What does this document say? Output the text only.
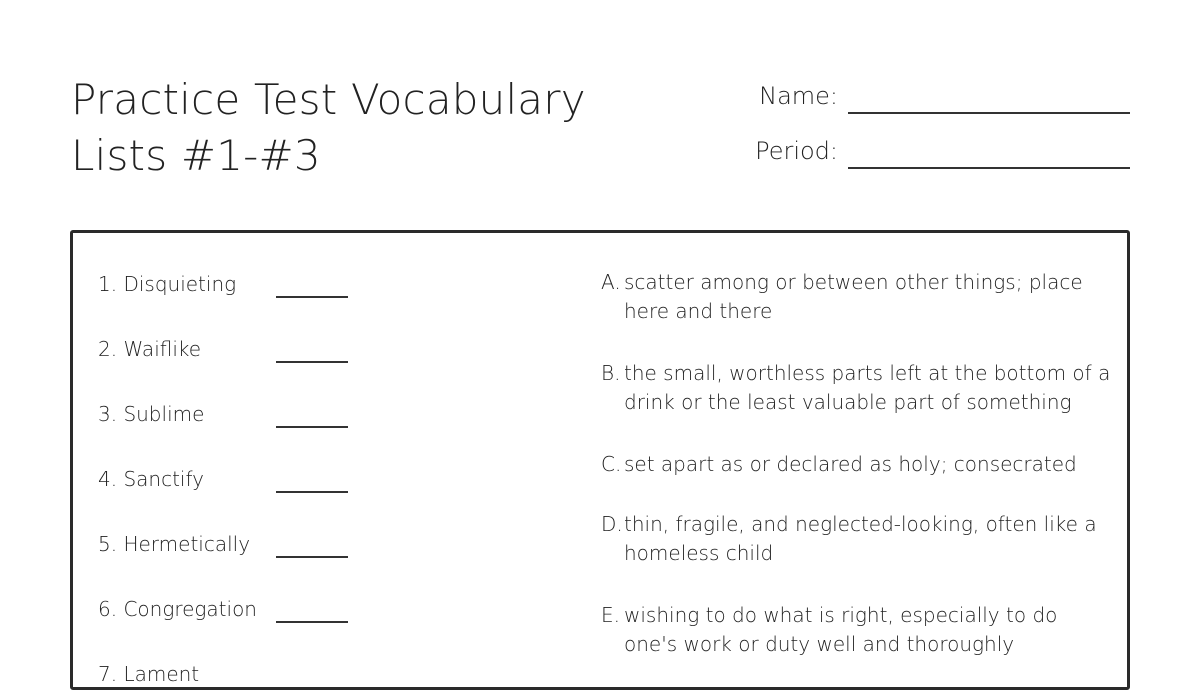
Practice Test Vocabulary
Lists #1-#3
Name:
Period:
1. Disquieting
2. Waiflike
3. Sublime
4. Sanctify
5. Hermetically
6. Congregation
7. Lament
A. scatter among or between other things; place here and there
B. the small, worthless parts left at the bottom of a drink or the least valuable part of something
C. set apart as or declared as holy; consecrated
D. thin, fragile, and neglected-looking, often like a homeless child
E. wishing to do what is right, especially to do one's work or duty well and thoroughly
